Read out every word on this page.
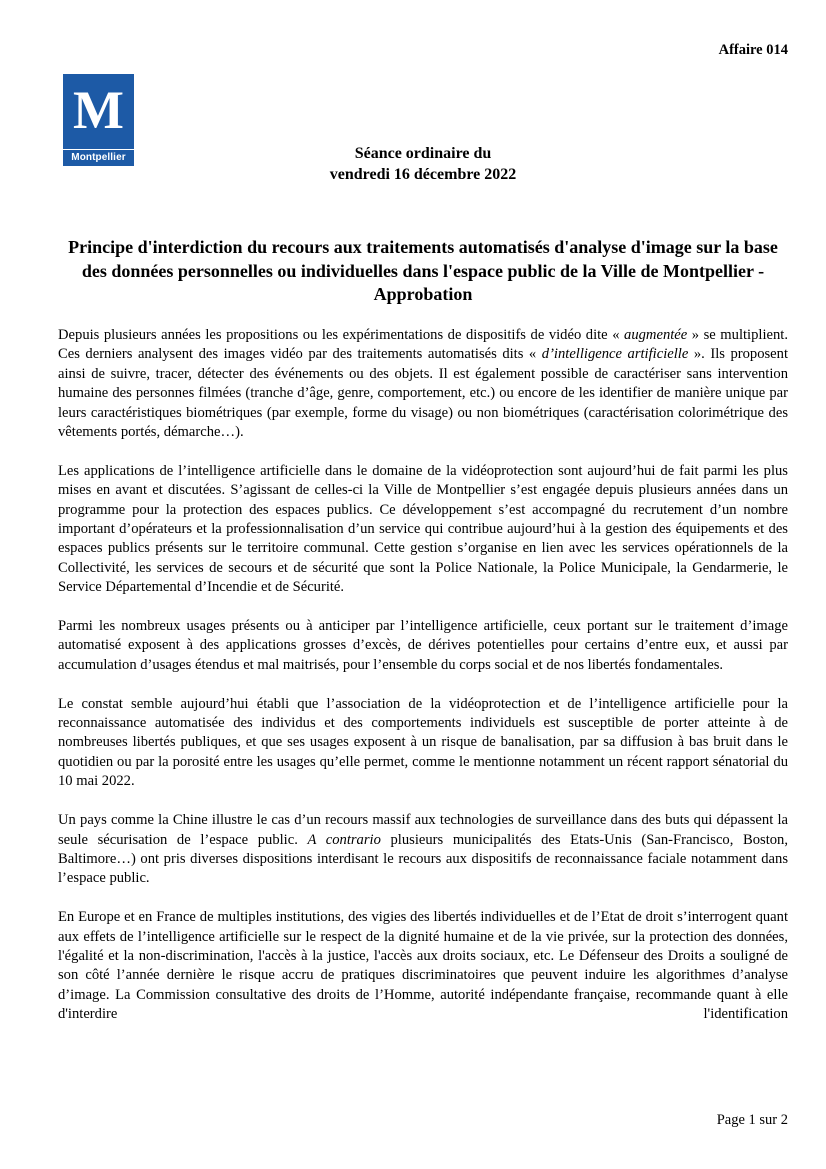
Affaire 014
M
Montpellier	Séance ordinaire du
vendredi 16 décembre 2022
Principe d'interdiction du recours aux traitements automatisés d'analyse d'image sur la base des données personnelles ou individuelles dans l'espace public de la Ville de Montpellier - Approbation

Depuis plusieurs années les propositions ou les expérimentations de dispositifs de vidéo dite « augmentée » se multiplient. Ces derniers analysent des images vidéo par des traitements automatisés dits « d’intelligence artificielle ». Ils proposent ainsi de suivre, tracer, détecter des événements ou des objets. Il est également possible de caractériser sans intervention humaine des personnes filmées (tranche d’âge, genre, comportement, etc.) ou encore de les identifier de manière unique par leurs caractéristiques biométriques (par exemple, forme du visage) ou non biométriques (caractérisation colorimétrique des vêtements portés, démarche…).

Les applications de l’intelligence artificielle dans le domaine de la vidéoprotection sont aujourd’hui de fait parmi les plus mises en avant et discutées. S’agissant de celles-ci la Ville de Montpellier s’est engagée depuis plusieurs années dans un programme pour la protection des espaces publics. Ce développement s’est accompagné du recrutement d’un nombre important d’opérateurs et la professionnalisation d’un service qui contribue aujourd’hui à la gestion des équipements et des espaces publics présents sur le territoire communal. Cette gestion s’organise en lien avec les services opérationnels de la Collectivité, les services de secours et de sécurité que sont la Police Nationale, la Police Municipale, la Gendarmerie, le Service Départemental d’Incendie et de Sécurité.

Parmi les nombreux usages présents ou à anticiper par l’intelligence artificielle, ceux portant sur le traitement d’image automatisé exposent à des applications grosses d’excès, de dérives potentielles pour certains d’entre eux, et aussi par accumulation d’usages étendus et mal maitrisés, pour l’ensemble du corps social et de nos libertés fondamentales.

Le constat semble aujourd’hui établi que l’association de la vidéoprotection et de l’intelligence artificielle pour la reconnaissance automatisée des individus et des comportements individuels est susceptible de porter atteinte à de nombreuses libertés publiques, et que ses usages exposent à un risque de banalisation, par sa diffusion à bas bruit dans le quotidien ou par la porosité entre les usages qu’elle permet, comme le mentionne notamment un récent rapport sénatorial du 10 mai 2022.

Un pays comme la Chine illustre le cas d’un recours massif aux technologies de surveillance dans des buts qui dépassent la seule sécurisation de l’espace public. A contrario plusieurs municipalités des Etats-Unis (San-Francisco, Boston, Baltimore…) ont pris diverses dispositions interdisant le recours aux dispositifs de reconnaissance faciale notamment dans l’espace public.

En Europe et en France de multiples institutions, des vigies des libertés individuelles et de l’Etat de droit s’interrogent quant aux effets de l’intelligence artificielle sur le respect de la dignité humaine et de la vie privée, sur la protection des données, l'égalité et la non-discrimination, l'accès à la justice, l'accès aux droits sociaux, etc. Le Défenseur des Droits a souligné de son côté l’année dernière le risque accru de pratiques discriminatoires que peuvent induire les algorithmes d’analyse d’image. La Commission consultative des droits de l’Homme, autorité indépendante française, recommande quant à elle d'interdire l'identification

Page 1 sur 2
